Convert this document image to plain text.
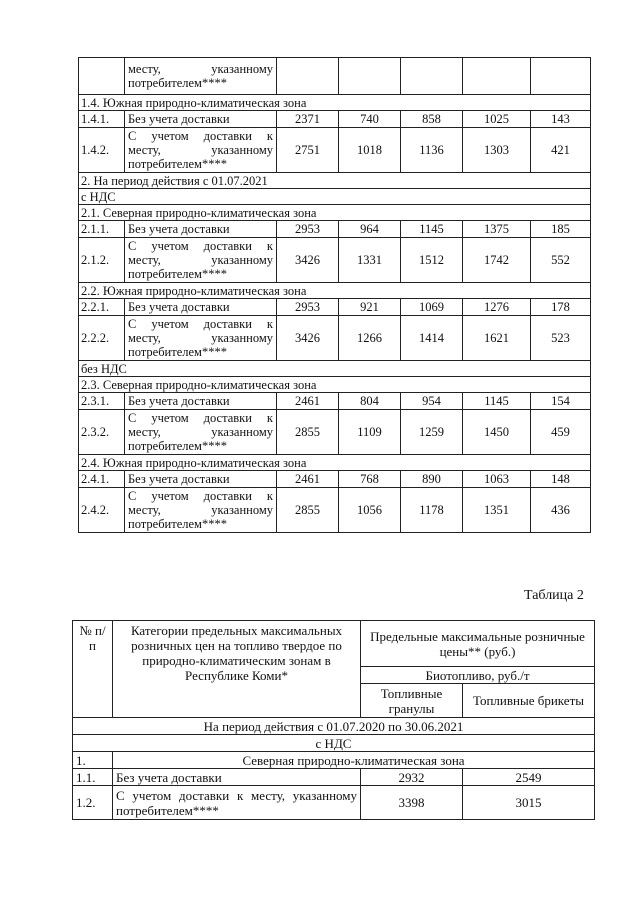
	месту, указанному потребителем****					
1.4. Южная природно-климатическая зона						
1.4.1.	Без учета доставки	2371	740	858	1025	143
1.4.2.	С учетом доставки к месту, указанному потребителем****	2751	1018	1136	1303	421
2. На период действия с 01.07.2021						
с НДС						
2.1. Северная природно-климатическая зона						
2.1.1.	Без учета доставки	2953	964	1145	1375	185
2.1.2.	С учетом доставки к месту, указанному потребителем****	3426	1331	1512	1742	552
2.2. Южная природно-климатическая зона						
2.2.1.	Без учета доставки	2953	921	1069	1276	178
2.2.2.	С учетом доставки к месту, указанному потребителем****	3426	1266	1414	1621	523
без НДС						
2.3. Северная природно-климатическая зона						
2.3.1.	Без учета доставки	2461	804	954	1145	154
2.3.2.	С учетом доставки к месту, указанному потребителем****	2855	1109	1259	1450	459
2.4. Южная природно-климатическая зона						
2.4.1.	Без учета доставки	2461	768	890	1063	148
2.4.2.	С учетом доставки к месту, указанному потребителем****	2855	1056	1178	1351	436
Таблица 2
№ п/п	Категории предельных максимальных розничных цен на топливо твердое по природно-климатическим зонам в Республике Коми*	Предельные максимальные розничные цены** (руб.)	
		Биотопливо, руб./т	
		Топливные гранулы	Топливные брикеты
На период действия с 01.07.2020 по 30.06.2021			
с НДС			
1.	Северная природно-климатическая зона		
1.1.	Без учета доставки	2932	2549
1.2.	С учетом доставки к месту, указанному потребителем****	3398	3015
